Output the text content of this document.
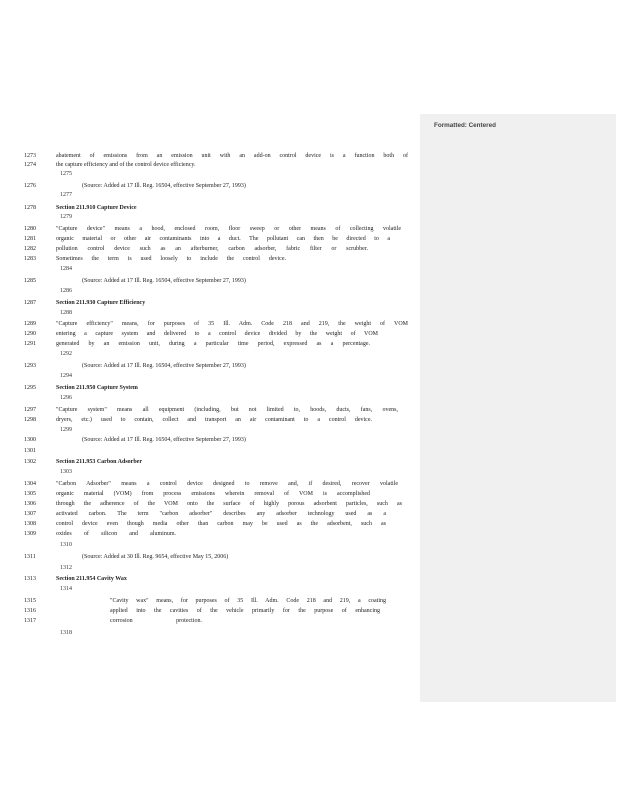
Formatted: Centered
1273	abatement of emissions from an emission unit with an add-on control device is a function both of
1274	the capture efficiency and of the control device efficiency.
1275
1276	(Source: Added at 17 Ill. Reg. 16504, effective September 27, 1993)
1277
1278	Section 211.910 Capture Device
1279
1280	"Capture device" means a hood, enclosed room, floor sweep or other means of collecting volatile
1281	organic material or other air contaminants into a duct. The pollutant can then be directed to a
1282	pollution control device such as an afterburner, carbon adsorber, fabric filter or scrubber.
1283	Sometimes the term is used loosely to include the control device.
1284
1285	(Source: Added at 17 Ill. Reg. 16504, effective September 27, 1993)
1286
1287	Section 211.930 Capture Efficiency
1288
1289	"Capture efficiency" means, for purposes of 35 Ill. Adm. Code 218 and 219, the weight of VOM
1290	entering a capture system and delivered to a control device divided by the weight of VOM
1291	generated by an emission unit, during a particular time period, expressed as a percentage.
1292
1293	(Source: Added at 17 Ill. Reg. 16504, effective September 27, 1993)
1294
1295	Section 211.950 Capture System
1296
1297	"Capture system" means all equipment (including, but not limited to, hoods, ducts, fans, ovens,
1298	dryers, etc.) used to contain, collect and transport an air contaminant to a control device.
1299
1300	(Source: Added at 17 Ill. Reg. 16504, effective September 27, 1993)
1301
1302	Section 211.953 Carbon Adsorber
1303
1304	"Carbon Adsorber" means a control device designed to remove and, if desired, recover volatile
1305	organic material (VOM) from process emissions wherein removal of VOM is accomplished
1306	through the adherence of the VOM onto the surface of highly porous adsorbent particles, such as
1307	activated carbon. The term "carbon adsorber" describes any adsorber technology used as a
1308	control device even though media other than carbon may be used as the adsorbent, such as
1309	oxides of silicon and aluminum.
1310
1311	(Source: Added at 30 Ill. Reg. 9654, effective May 15, 2006)
1312
1313	Section 211.954 Cavity Wax
1314
1315	"Cavity wax" means, for purposes of 35 Ill. Adm. Code 218 and 219, a coating
1316	applied into the cavities of the vehicle primarily for the purpose of enhancing
1317	corrosion protection.
1318
